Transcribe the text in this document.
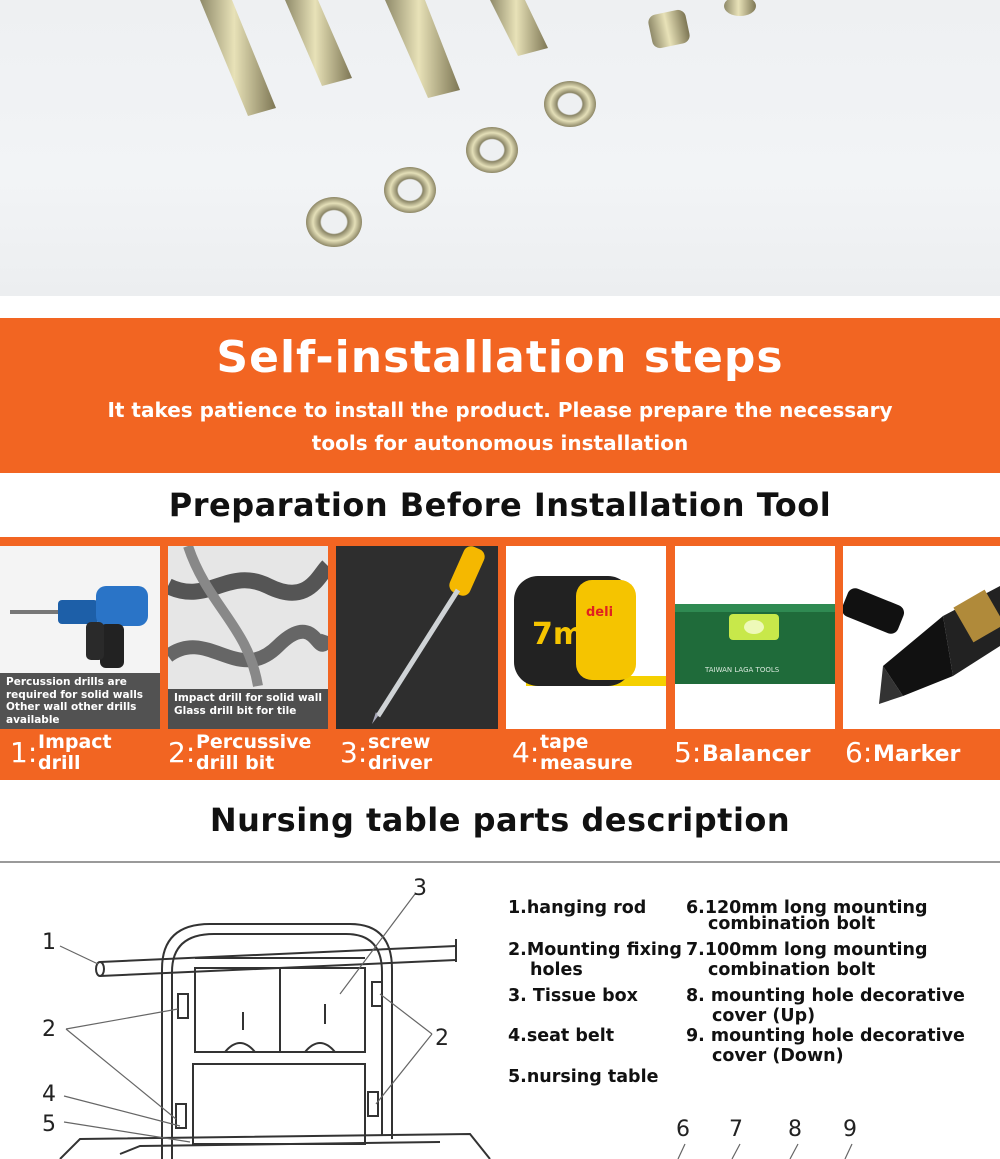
Self-installation steps
It takes patience to install the product. Please prepare the necessary
tools for autonomous installation
Preparation Before Installation Tool
Percussion drills are
required for solid walls
Other wall other drills
available
Impact drill for solid wall
Glass drill bit for tile
7m
deli
TAIWAN LAGA TOOLS
1: Impact
drill	2: Percussive
drill bit	3: screw
driver	4: tape
measure 5: Balancer 6: Marker
Nursing table parts description
1
2
3
2
4
5	6 7 8 9
1.hanging rod
2.Mounting fixing
holes
3. Tissue box
4.seat belt
5.nursing table
6.120mm long mounting
combination bolt
7.100mm long mounting
combination bolt
8. mounting hole decorative
cover (Up)
9. mounting hole decorative
cover (Down)
